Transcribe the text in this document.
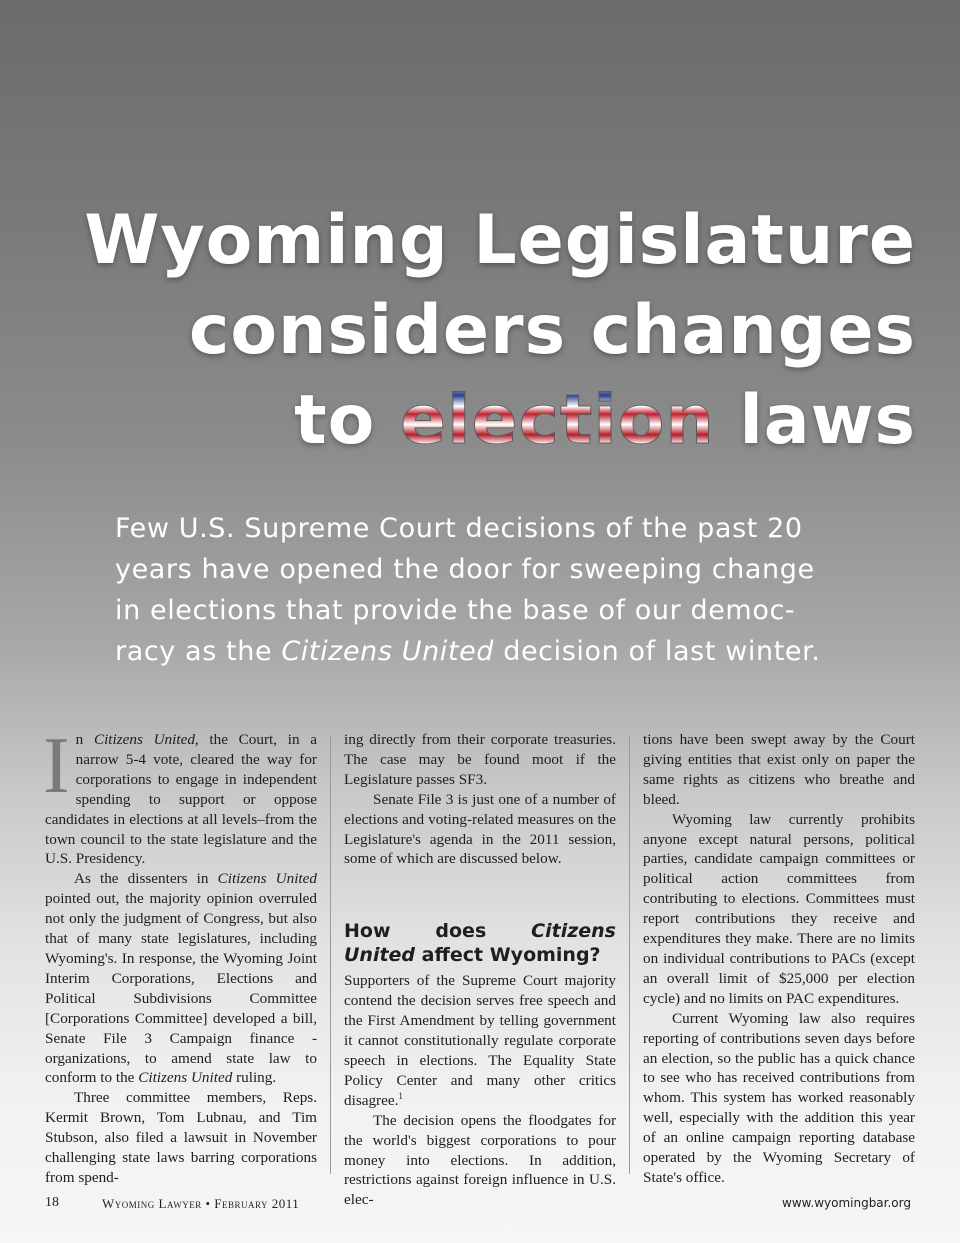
Wyoming Legislature
considers changes
to election laws
Few U.S. Supreme Court decisions of the past 20
years have opened the door for sweeping change
in elections that provide the base of our democ-
racy as the Citizens United decision of last winter.

In Citizens United, the Court, in a narrow 5-4 vote, cleared the way for corporations to engage in independent spending to support or oppose candidates in elections at all levels–from the town council to the state legislature and the U.S. Presidency.

As the dissenters in Citizens United pointed out, the majority opinion overruled not only the judgment of Congress, but also that of many state legislatures, including Wyoming's. In response, the Wyoming Joint Interim Corporations, Elections and Political Subdivisions Committee [Corporations Committee] developed a bill, Senate File 3 Campaign finance - organizations, to amend state law to conform to the Citizens United ruling.

Three committee members, Reps. Kermit Brown, Tom Lubnau, and Tim Stubson, also filed a lawsuit in November challenging state laws barring corporations from spend-

ing directly from their corporate treasuries. The case may be found moot if the Legislature passes SF3.

Senate File 3 is just one of a number of elections and voting-related measures on the Legislature's agenda in the 2011 session, some of which are discussed below.

How does Citizens United affect Wyoming?

Supporters of the Supreme Court majority contend the decision serves free speech and the First Amendment by telling government it cannot constitutionally regulate corporate speech in elections. The Equality State Policy Center and many other critics disagree.$^1$

The decision opens the floodgates for the world's biggest corporations to pour money into elections. In addition, restrictions against foreign influence in U.S. elec-

tions have been swept away by the Court giving entities that exist only on paper the same rights as citizens who breathe and bleed.

Wyoming law currently prohibits anyone except natural persons, political parties, candidate campaign committees or political action committees from contributing to elections. Committees must report contributions they receive and expenditures they make. There are no limits on individual contributions to PACs (except an overall limit of $25,000 per election cycle) and no limits on PAC expenditures.

Current Wyoming law also requires reporting of contributions seven days before an election, so the public has a quick chance to see who has received contributions from whom. This system has worked reasonably well, especially with the addition this year of an online campaign reporting database operated by the Wyoming Secretary of State's office.

18	Wyoming Lawyer • February 2011	www.wyomingbar.org
